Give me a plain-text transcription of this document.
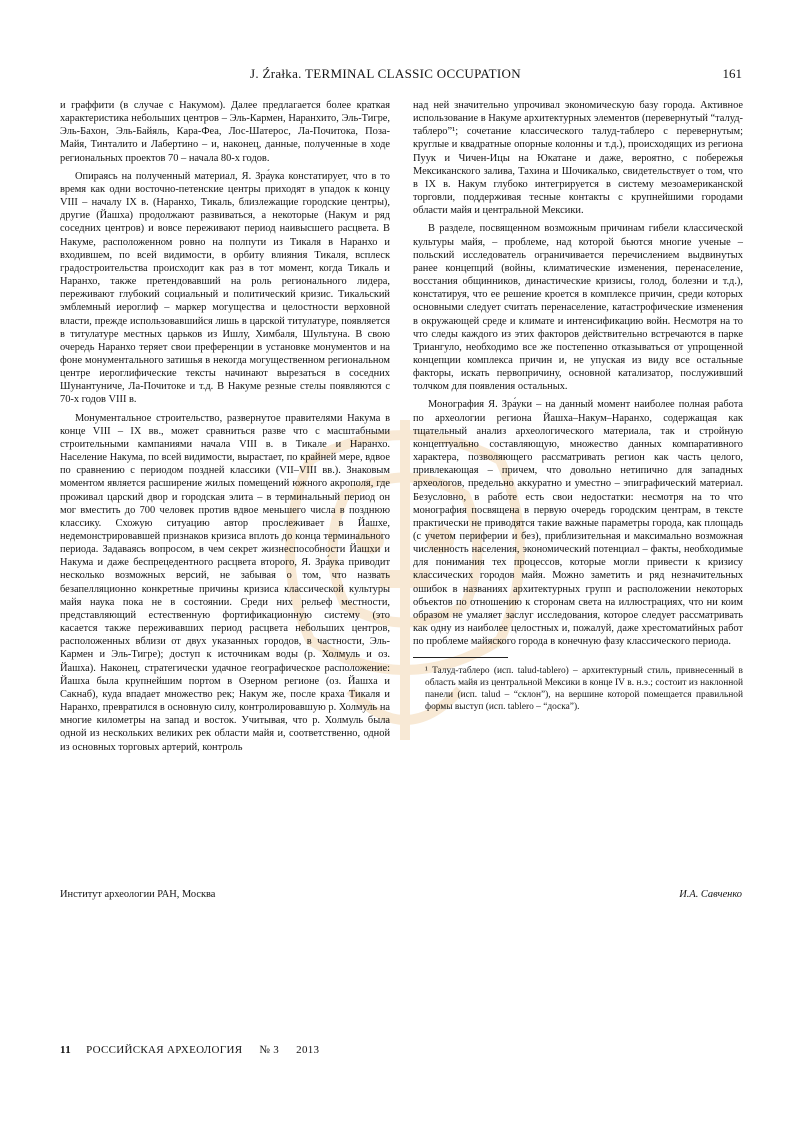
J. Źrałka. TERMINAL CLASSIC OCCUPATION	161

и граффити (в случае с Накумом). Далее предлагается более краткая характеристика небольших центров – Эль-Кармен, Наранхито, Эль-Тигре, Эль-Бахон, Эль-Байяль, Кара-Феа, Лос-Шатерос, Ла-Почитока, Поза-Майя, Тинталито и Лабертино – и, наконец, данные, полученные в ходе региональных проектов 70 – начала 80-х годов.

Опираясь на полученный материал, Я. Зра́ука констатирует, что в то время как одни восточно-петенские центры приходят в упадок к концу VIII – началу IX в. (Наранхо, Тикаль, близлежащие городские центры), другие (Йашха) продолжают развиваться, а некоторые (Накум и ряд соседних центров) и вовсе переживают период наивысшего расцвета. В Накуме, расположенном ровно на полпути из Тикаля в Наранхо и входившем, по всей видимости, в орбиту влияния Тикаля, всплеск градостроительства происходит как раз в тот момент, когда Тикаль и Наранхо, также претендовавший на роль регионального лидера, переживают глубокий социальный и политический кризис. Тикальский эмблемный иероглиф – маркер могущества и целостности верховной власти, прежде использовавшийся лишь в царской титулатуре, появляется в титулатуре местных царьков из Ишлу, Химбаля, Шультуна. В свою очередь Наранхо теряет свои преференции в установке монументов и на фоне монументального затишья в некогда могущественном региональном центре иероглифические тексты начинают вырезаться в соседних Шунантуниче, Ла-Почитоке и т.д. В Накуме резные стелы появляются с 70-х годов VIII в.

Монументальное строительство, развернутое правителями Накума в конце VIII – IX вв., может сравниться разве что с масштабными строительными кампаниями начала VIII в. в Тикале и Наранхо. Население Накума, по всей видимости, вырастает, по крайней мере, вдвое по сравнению с периодом поздней классики (VII–VIII вв.). Знаковым моментом является расширение жилых помещений южного акрополя, где проживал царский двор и городская элита – в терминальный период он мог вместить до 700 человек против вдвое меньшего числа в позднюю классику. Схожую ситуацию автор прослеживает в Йашхе, недемонстрировавшей признаков кризиса вплоть до конца терминального периода. Задаваясь вопросом, в чем секрет жизнеспособности Йашхи и Накума и даже беспрецедентного расцвета второго, Я. Зра́ука приводит несколько возможных версий, не забывая о том, что назвать безапелляционно конкретные причины кризиса классической культуры майя наука пока не в состоянии. Среди них рельеф местности, представляющий естественную фортификационную систему (это касается также переживавших период расцвета небольших центров, расположенных вблизи от двух указанных городов, в частности, Эль-Кармен и Эль-Тигре); доступ к источникам воды (р. Холмуль и оз. Йашха). Наконец, стратегически удачное географическое расположение: Йашха была крупнейшим портом в Озерном регионе (оз. Йашха и Сакнаб), куда впадает множество рек; Накум же, после краха Тикаля и Наранхо, превратился в основную силу, контролировавшую р. Холмуль на многие километры на запад и восток. Учитывая, что р. Холмуль была одной из нескольких великих рек области майя и, соответственно, одной из основных торговых артерий, контроль

над ней значительно упрочивал экономическую базу города. Активное использование в Накуме архитектурных элементов (перевернутый “талуд-таблеро”¹; сочетание классического талуд-таблеро с перевернутым; круглые и квадратные опорные колонны и т.д.), происходящих из региона Пуук и Чичен-Ицы на Юкатане и даже, вероятно, с побережья Мексиканского залива, Тахина и Шочикалько, свидетельствует о том, что в IX в. Накум глубоко интегрируется в систему мезоамериканской торговли, поддерживая тесные контакты с крупнейшими городами области майя и центральной Мексики.

В разделе, посвященном возможным причинам гибели классической культуры майя, – проблеме, над которой бьются многие ученые – польский исследователь ограничивается перечислением выдвинутых ранее концепций (войны, климатические изменения, перенаселение, восстания общинников, династические кризисы, голод, болезни и т.д.), констатируя, что ее решение кроется в комплексе причин, среди которых основными следует считать перенаселение, катастрофические изменения в окружающей среде и климате и интенсификацию войн. Несмотря на то что следы каждого из этих факторов действительно встречаются в парке Триангуло, необходимо все же постепенно отказываться от упрощенной концепции комплекса причин и, не упуская из виду все остальные факторы, искать первопричину, основной катализатор, послуживший толчком для появления остальных.

Монография Я. Зра́уки – на данный момент наиболее полная работа по археологии региона Йашха–Накум–Наранхо, содержащая как тщательный анализ археологического материала, так и стройную концептуально составляющую, множество данных компаративного характера, позволяющего рассматривать регион как часть целого, привлекающая – причем, что довольно нетипично для западных археологов, предельно аккуратно и уместно – эпиграфический материал. Безусловно, в работе есть свои недостатки: несмотря на то что монография посвящена в первую очередь городским центрам, в тексте практически не приводятся такие важные параметры города, как площадь (с учетом периферии и без), приблизительная и максимально возможная численность населения, экономический потенциал – факты, необходимые для понимания тех процессов, которые могли привести к кризису классических городов майя. Можно заметить и ряд незначительных ошибок в названиях архитектурных групп и расположении некоторых объектов по отношению к сторонам света на иллюстрациях, что ни коим образом не умаляет заслуг исследования, которое следует рассматривать как одну из наиболее целостных и, пожалуй, даже хрестоматийных работ по проблеме майяского города в конечную фазу классического периода.

¹ Талуд-таблеро (исп. talud-tablero) – архитектурный стиль, привнесенный в область майя из центральной Мексики в конце IV в. н.э.; состоит из наклонной панели (исп. talud – “склон”), на вершине которой помещается правильной формы выступ (исп. tablero – “доска”).

Институт археологии РАН, Москва	И.А. Савченко
11 РОССИЙСКАЯ АРХЕОЛОГИЯ № 3 2013
